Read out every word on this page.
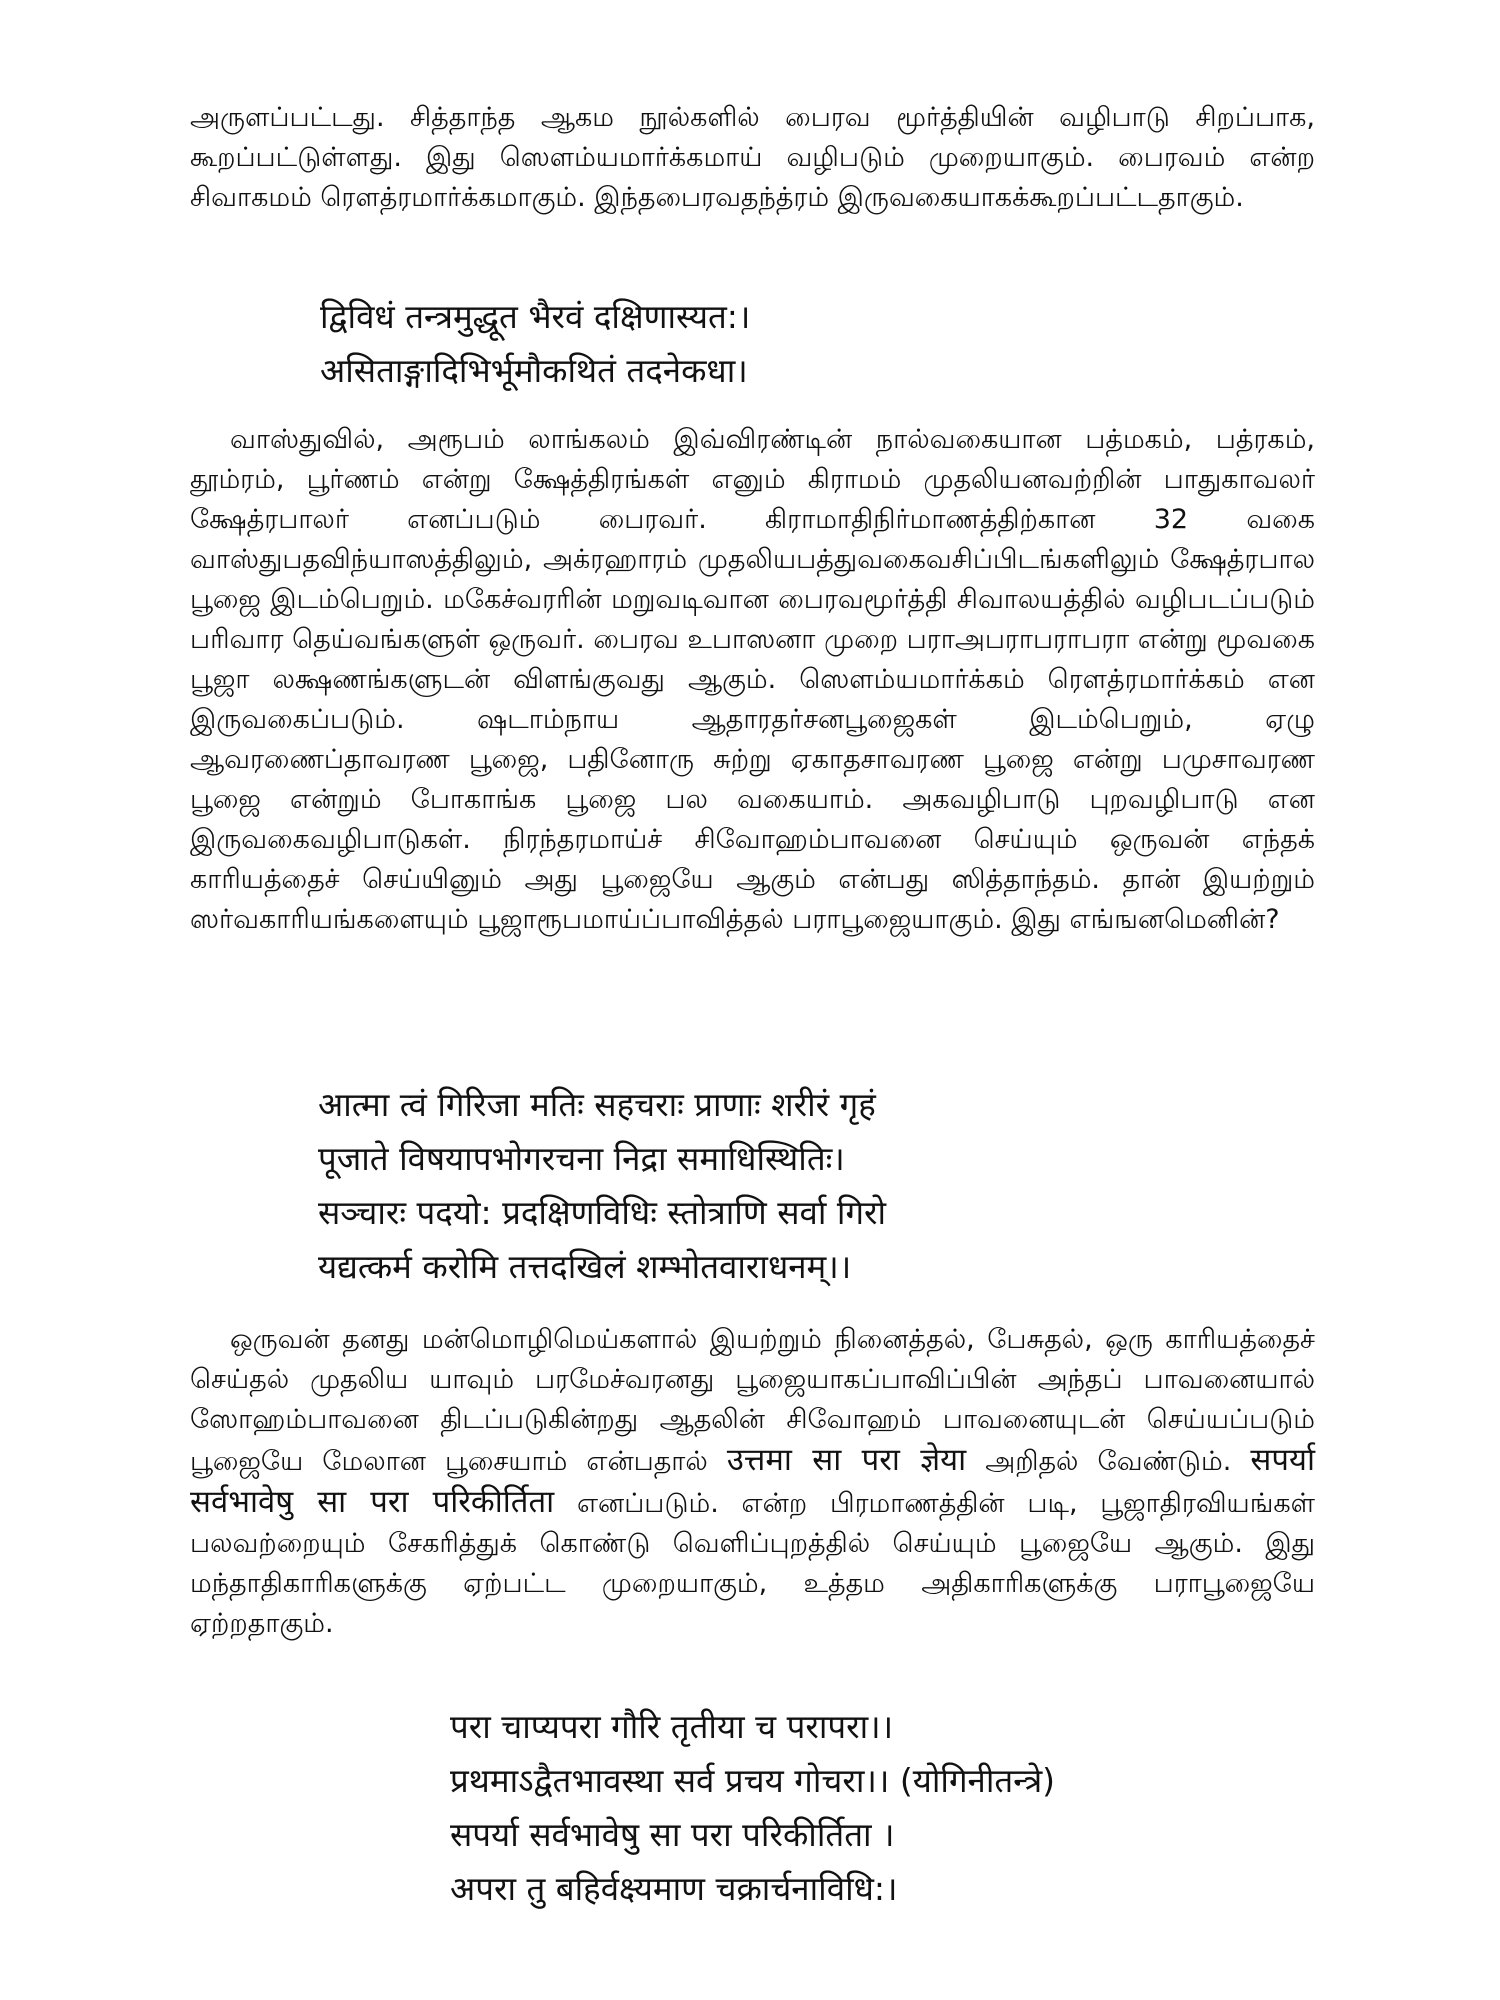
அருளப்பட்டது. சித்தாந்த ஆகம நூல்களில் பைரவ மூர்த்தியின் வழிபாடு சிறப்பாக, கூறப்பட்டுள்ளது. இது ஸௌம்யமார்க்கமாய் வழிபடும் முறையாகும். பைரவம் என்ற சிவாகமம் ரௌத்ரமார்க்கமாகும். இந்தபைரவதந்த்ரம் இருவகையாகக்கூறப்பட்டதாகும்.

द्विविधं तन्त्रमुद्धूत भैरवं दक्षिणास्यत:।
असिताङ्गादिभिर्भूमौकथितं तदनेकधा।

வாஸ்துவில், அரூபம் லாங்கலம் இவ்விரண்டின் நால்வகையான பத்மகம், பத்ரகம், தூம்ரம், பூர்ணம் என்று க்ஷேத்திரங்கள் எனும் கிராமம் முதலியனவற்றின் பாதுகாவலர் க்ஷேத்ரபாலர் எனப்படும் பைரவர். கிராமாதிநிர்மாணத்திற்கான 32 வகை வாஸ்துபதவிந்யாஸத்திலும், அக்ரஹாரம் முதலியபத்துவகைவசிப்பிடங்களிலும் க்ஷேத்ரபால பூஜை இடம்பெறும். மகேச்வரரின் மறுவடிவான பைரவமூர்த்தி சிவாலயத்தில் வழிபடப்படும் பரிவார தெய்வங்களுள் ஒருவர். பைரவ உபாஸனா முறை பராஅபராபராபரா என்று மூவகை பூஜா லக்ஷணங்களுடன் விளங்குவது ஆகும். ஸௌம்யமார்க்கம் ரௌத்ரமார்க்கம் என இருவகைப்படும். ஷடாம்நாய ஆதாரதர்சனபூஜைகள் இடம்பெறும், ஏழு ஆவரணைப்தாவரண பூஜை, பதினோரு சுற்று ஏகாதசாவரண பூஜை என்று பமுசாவரண பூஜை என்றும் போகாங்க பூஜை பல வகையாம். அகவழிபாடு புறவழிபாடு என இருவகைவழிபாடுகள். நிரந்தரமாய்ச் சிவோஹம்பாவனை செய்யும் ஒருவன் எந்தக் காரியத்தைச் செய்யினும் அது பூஜையே ஆகும் என்பது ஸித்தாந்தம். தான் இயற்றும் ஸர்வகாரியங்களையும் பூஜாரூபமாய்ப்பாவித்தல் பராபூஜையாகும். இது எங்ஙனமெனின்?

आत्मा त्वं गिरिजा मतिः सहचराः प्राणाः शरीरं गृहं
पूजाते विषयापभोगरचना निद्रा समाधिस्थितिः।
सञ्चारः पदयो: प्रदक्षिणविधिः स्तोत्राणि सर्वा गिरो
यद्यत्कर्म करोमि तत्तदखिलं शम्भोतवाराधनम्।।

ஒருவன் தனது மன்மொழிமெய்களால் இயற்றும் நினைத்தல், பேசுதல், ஒரு காரியத்தைச் செய்தல் முதலிய யாவும் பரமேச்வரனது பூஜையாகப்பாவிப்பின் அந்தப் பாவனையால் ஸோஹம்பாவனை திடப்படுகின்றது ஆதலின் சிவோஹம் பாவனையுடன் செய்யப்படும் பூஜையே மேலான பூசையாம் என்பதால் उत्तमा सा परा ज्ञेया அறிதல் வேண்டும். सपर्या सर्वभावेषु सा परा परिकीर्तिता எனப்படும். என்ற பிரமாணத்தின் படி, பூஜாதிரவியங்கள் பலவற்றையும் சேகரித்துக் கொண்டு வெளிப்புறத்தில் செய்யும் பூஜையே ஆகும். இது மந்தாதிகாரிகளுக்கு ஏற்பட்ட முறையாகும், உத்தம அதிகாரிகளுக்கு பராபூஜையே ஏற்றதாகும்.

परा चाप्यपरा गौरि तृतीया च परापरा।।
प्रथमाऽद्वैतभावस्था सर्व प्रचय गोचरा।। (योगिनीतन्त्रे)
सपर्या सर्वभावेषु सा परा परिकीर्तिता ।
अपरा तु बहिर्वक्ष्यमाण चक्रार्चनाविधि:।
